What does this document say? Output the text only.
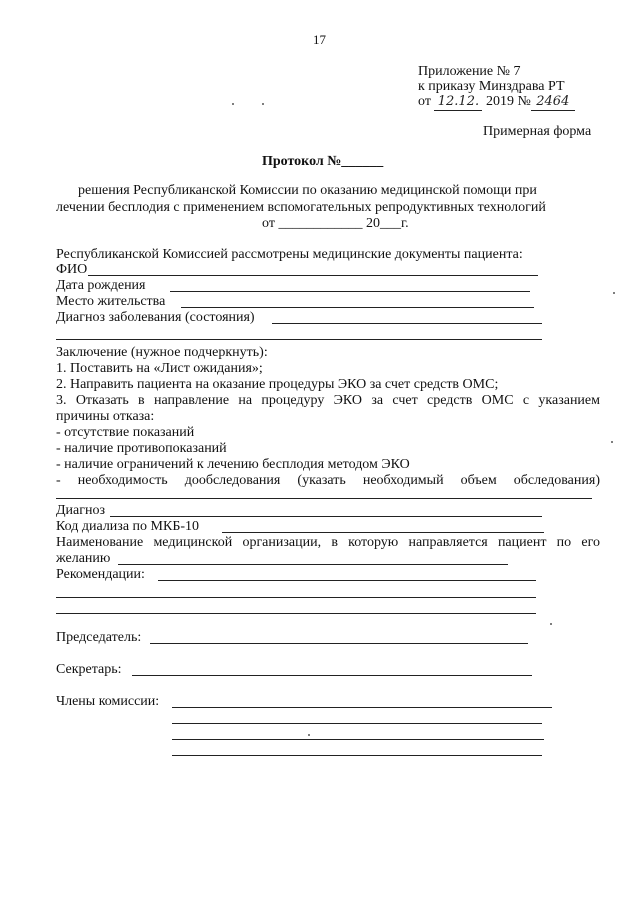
17
Приложение № 7
к приказу Минздрава РТ
от 12.12. 2019 № 2464
Примерная форма
Протокол №______
решения Республиканской Комиссии по оказанию медицинской помощи при
лечении бесплодия с применением вспомогательных репродуктивных технологий
от ____________ 20___г.
Республиканской Комиссией рассмотрены медицинские документы пациента:
ФИО
Дата рождения
Место жительства
Диагноз заболевания (состояния)
Заключение (нужное подчеркнуть):
1. Поставить на «Лист ожидания»;
2. Направить пациента на оказание процедуры ЭКО за счет средств ОМС;
3. Отказать в направление на процедуру ЭКО за счет средств ОМС с указанием
причины отказа:
- отсутствие показаний
- наличие противопоказаний
- наличие ограничений к лечению бесплодия методом ЭКО
- необходимость дообследования (указать необходимый объем обследования)
Диагноз
Код диализа по МКБ-10
Наименование медицинской организации, в которую направляется пациент по его
желанию
Рекомендации:
Председатель:
Секретарь:
Члены комиссии:
